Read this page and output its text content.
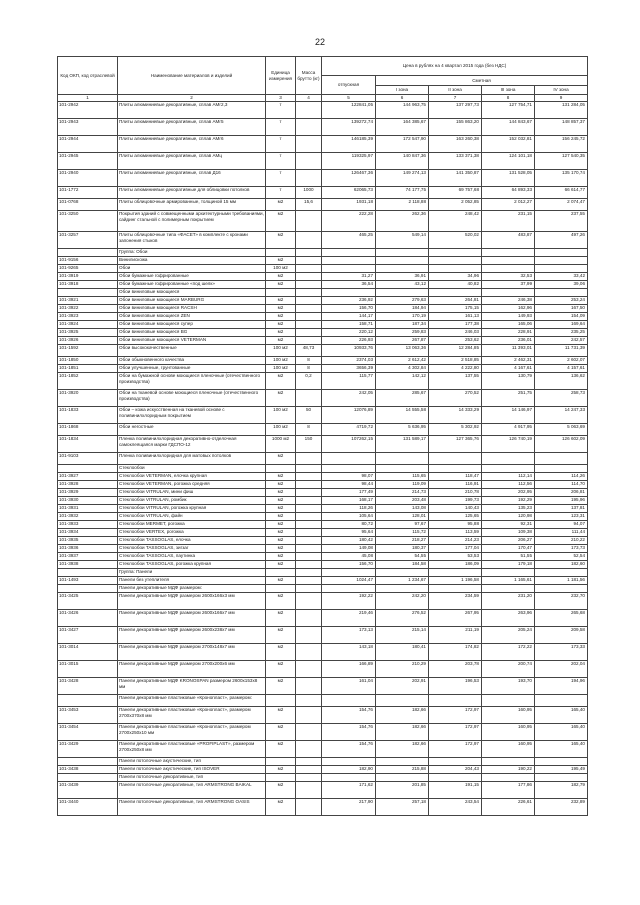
22
Код ОКП, код отраслевой	Наименование материалов и изделий	Единица измерения	Масса брутто (кг)	Цена в рублях на 4 квартал 2015 года (без НДС)				
				отпускная	Сметная			
					I зона	II зона	III зона	IV зона
1	2	3	4	5	6	7	8	9
101-2942	Плиты алюминиевые декоративные, сплав АМг2,3	т		122841,05	144 963,75	137 297,73	127 754,71	131 284,05
101-2943	Плиты алюминиевые декоративные, сплав АМг5	т		139272,74	164 385,67	155 863,20	144 843,67	148 857,37
101-2944	Плиты алюминиевые декоративные, сплав АМг6	т		146185,39	172 547,90	163 260,38	152 032,81	156 245,72
101-2945	Плиты алюминиевые декоративные, сплав АМц	т		119325,97	140 847,36	133 371,38	124 101,18	127 540,35
101-2940	Плиты алюминиевые декоративные, сплав Д16	т		126467,36	149 274,13	141 350,87	131 528,05	135 170,74
101-1772	Плиты алюминиевые декоративные для облицовки потолков	т	1000	62065,73	74 177,75	69 757,68	64 893,33	66 614,77
101-0768	Плиты облицовочные армированные, толщиной 15 мм	м2	15,6	1931,18	2 118,88	2 052,85	2 012,27	2 074,47
101-3250	Покрытия зданий с совмещенными архитектурными требованиями, сайдинг стальной с полимерным покрытием	м2		222,28	262,36	248,42	231,15	237,55
101-3257	Плиты облицовочные типа «ФАСЕТ» в комплекте с кронами запонения стыков	м2		465,25	549,14	520,02	483,87	497,26
	Группа: Обои							
101-9156	Винилискожа	м2						
101-9265	Обои	100 м2						
101-3919	Обои бумажные гофрированные	м2		31,27	36,91	34,96	32,53	33,42
101-3918	Обои бумажные гофрированные «под шелк»	м2		36,54	43,12	40,82	37,99	39,06
	Обои виниловые моющиеся							
101-3921	Обои виниловые моющиеся MARBURG	м2		236,92	279,63	264,81	246,38	253,24
101-3922	Обои виниловые моющиеся RACSH	м2		156,70	184,94	175,15	162,96	167,50
101-3923	Обои виниловые моющиеся ZEN	м2		144,17	170,19	161,13	149,93	154,09
101-3924	Обои виниловые моющиеся супер	м2		158,71	187,34	177,38	165,06	169,64
101-3925	Обои виниловые моющиеся BG	м2		220,12	259,83	246,03	228,91	235,25
101-3926	Обои виниловые моющиеся VETERMAN	м2		226,93	267,87	253,62	236,01	242,57
101-1592	Обои высококачественные	100 м2	48,73	10933,76	13 063,36	12 284,85	11 393,01	11 731,39
101-1850	Обои обыкновенного качества	100 м2	8	2374,03	2 612,42	2 518,85	2 462,31	2 602,07
101-1851	Обои улучшенные, грунтованные	100 м2	8	3656,39	4 302,84	4 222,80	4 167,61	4 157,61
101-1852	Обои на бумажной основе моющиеся пленочные (отечественного производства)	м2	0,2	115,77	142,12	137,55	130,79	136,62
101-3920	Обои на тканевой основе моющиеся пленочные (отечественного производства)	м2		242,05	285,67	270,52	251,75	258,73
101-1833	Обои – кожа искусственная на тканевой основе с поливинилхлоридным покрытием	100 м2	50	12076,89	14 555,58	14 333,29	14 146,97	14 247,33
101-1868	Обои негостные	100 м2	8	4719,72	5 636,95	5 302,92	4 917,95	5 063,69
101-1834	Пленка поливинилхлоридная декоративно-отделочная самоклеящаяся марки ГДСПО-12	1000 м2	150	107262,15	131 589,17	127 365,76	126 740,19	126 602,09
101-9103	Пленка поливинилхлоридная для матовых потолков	м2						
	Стеклообои							
101-3927	Стеклообои VETERMAN, елочка крупная	м2		98,07	115,65	118,47	112,14	114,26
101-3928	Стеклообои VETERMAN, рогожка средняя	м2		98,44	119,09	116,91	112,56	114,70
101-3929	Стеклообои VITRULAN, мини фиш	м2		177,49	214,73	210,78	202,95	206,81
101-3930	Стеклообои VITRULAN, ромбик	м2		168,17	203,48	199,73	192,29	195,96
101-3931	Стеклообои VITRULAN, рогожка крупная	м2		118,26	143,08	140,43	135,23	137,81
101-3932	Стеклообои VITRULAN, файн	м2		105,64	128,01	125,65	120,98	123,31
101-3933	Стеклообои MERMET, рогожка	м2		80,72	97,67	95,88	92,31	94,07
101-3934	Стеклообои VERTEX, рогожка	м2		95,64	115,72	113,59	109,38	111,44
101-3935	Стеклообои TASSOGLAS, елочка	м2		180,42	218,27	214,23	206,27	210,22
101-3936	Стеклообои TASSOGLAS, зигзаг	м2		149,08	180,37	177,04	170,47	173,73
101-3937	Стеклообои TASSOGLAS, паутинка	м2		45,08	54,55	53,53	51,55	52,54
101-3938	Стеклообои TASSOGLAS, рогожка крупная	м2		156,70	184,58	186,09	179,18	182,60
	Группа: Панели							
101-1493	Панели без утеплителя	м2		1024,47	1 234,67	1 196,58	1 165,61	1 181,56
	Панели декоративные МДФ размером:							
101-3425	Панели декоративные МДФ размером 2600х166х3 мм	м2		192,22	242,20	234,59	231,20	232,70
101-3426	Панели декоративные МДФ размером 2600х166х7 мм	м2		219,46	276,52	267,95	263,96	265,68
101-3427	Панели декоративные МДФ размером 2600х238х7 мм	м2		173,13	215,14	211,19	205,24	209,58
101-3014	Панели декоративные МДФ размером 2700х148х7 мм	м2		143,18	180,41	174,82	172,22	173,33
101-3015	Панели декоративные МДФ размером 2700х200х6 мм	м2		166,89	210,29	203,78	200,74	202,04
101-3428	Панели декоративные МДФ KRONOSPAN размером 2600х153х8 мм	м2		161,04	202,91	196,53	193,70	194,96
	Панели декоративные пластиковые «Кроноплаcт», размером:							
101-3453	Панели декоративные пластиковые «Кроноплаcт», размером 2700х370х8 мм	м2		154,76	182,66	172,97	160,95	165,40
101-3454	Панели декоративные пластиковые «Кроноплаcт», размером 2700х250х10 мм	м2		154,76	182,66	172,97	160,95	165,40
101-3429	Панели декоративные пластиковые «PROFIPLAST», размером 2700х250х8 мм	м2		154,76	182,66	172,97	160,95	165,40
	Панели потолочные акустические, тип							
101-3438	Панели потолочные акустические, тип ISOVER	м2		182,90	215,88	204,43	190,22	195,49
	Панели потолочные декоративные, тип							
101-3439	Панели потолочные декоративные, тип ARMSTRONG BAIKAL	м2		171,62	201,85	191,15	177,86	182,79
101-3440	Панели потолочные декоративные, тип ARMSTRONG OASIS	м2		217,90	257,18	243,54	226,61	232,89
